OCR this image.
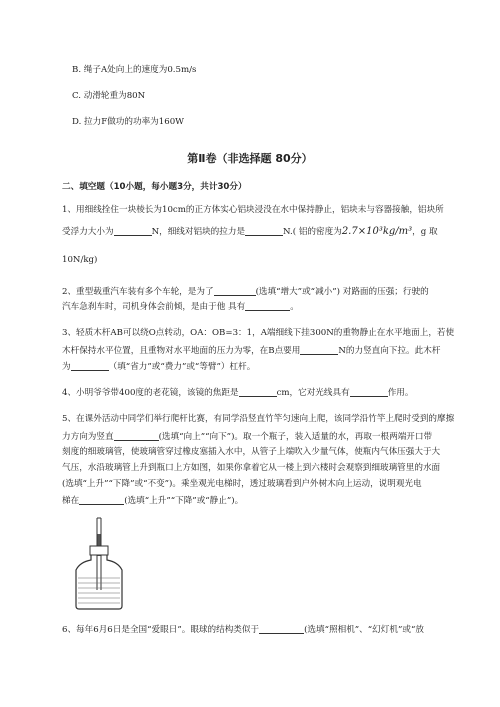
B. 绳子A处向上的速度为0.5m/s
C. 动滑轮重为80N
D. 拉力F做功的功率为160W
第Ⅱ卷（非选择题 80分）
二、填空题（10小题，每小题3分，共计30分）
1、用细线拴住一块棱长为10cm的正方体实心铝块浸没在水中保持静止，铝块未与容器接触，铝块所
受浮力大小为	N，细线对铝块的拉力是	N.( 铝的密度为2.7×10³kg/m³，g 取
10N/kg)
2、重型载重汽车装有多个车轮，是为了	(选填“增大”或“减小”) 对路面的压强；行驶的
汽车急刹车时，司机身体会前倾，是由于他 具有	。
3、轻质木杆AB可以绕O点转动，OA：OB=3：1，A端细线下挂300N的重物静止在水平地面上，若使
木杆保持水平位置，且重物对水平地面的压力为零，在B点要用	N的力竖直向下拉。此木杆
为	（填“省力”或“费力”或“等臂”）杠杆。
4、小明爷爷带400度的老花镜，该镜的焦距是	cm，它对光线具有	作用。
5、在课外活动中同学们举行爬杆比赛，有同学沿竖直竹竿匀速向上爬，该同学沿竹竿上爬时受到的摩擦
力方向为竖直	(选填“向上”“向下”)。取一个瓶子，装入适量的水，再取一根两端开口带
刻度的细玻璃管，使玻璃管穿过橡皮塞插入水中，从管子上端吹入少量气体，使瓶内气体压强大于大
气压，水沿玻璃管上升到瓶口上方如图，如果你拿着它从一楼上到六楼时会观察到细玻璃管里的水面
(选填“上升”“下降”或“不变”)。乘坐观光电梯时，透过玻璃看到户外树木向上运动，说明观光电
梯在	(选填“上升”“下降”或“静止”)。
6、每年6月6日是全国“爱眼日”。眼球的结构类似于	(选填“照相机”、“幻灯机”或“放
